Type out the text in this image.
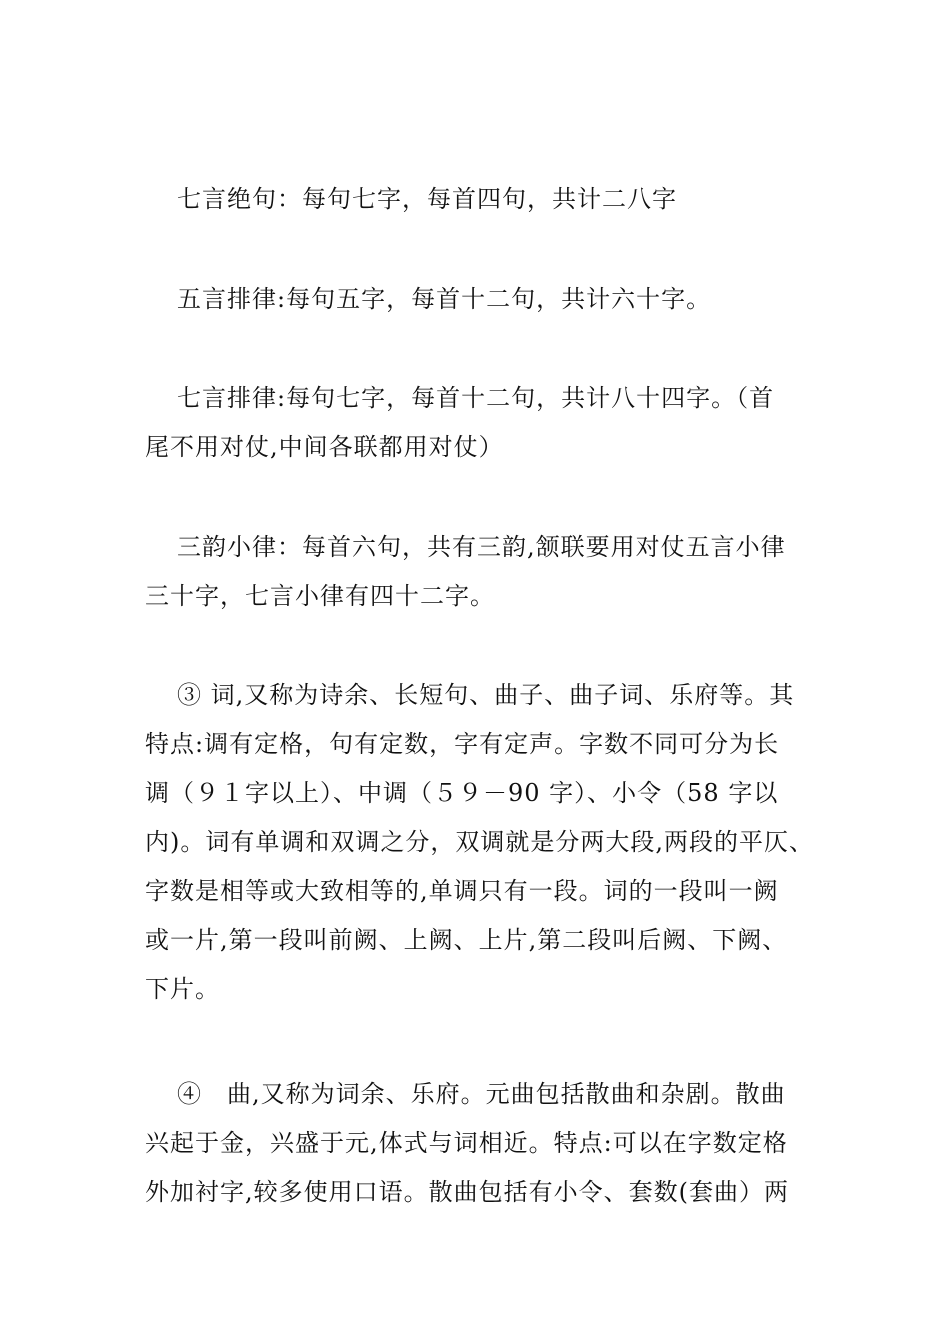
七言绝句：每句七字，每首四句，共计二八字
五言排律:每句五字，每首十二句，共计六十字。
七言排律:每句七字，每首十二句，共计八十四字。（首
尾不用对仗,中间各联都用对仗）
三韵小律：每首六句，共有三韵,颔联要用对仗五言小律
三十字，七言小律有四十二字。
③ 词,又称为诗余、长短句、曲子、曲子词、乐府等。其
特点:调有定格，句有定数，字有定声。字数不同可分为长
调（９１字以上）、中调（５９－90 字）、小令（58 字以
内)。词有单调和双调之分，双调就是分两大段,两段的平仄、
字数是相等或大致相等的,单调只有一段。词的一段叫一阙
或一片,第一段叫前阙、上阙、上片,第二段叫后阙、下阙、
下片。
④　曲,又称为词余、乐府。元曲包括散曲和杂剧。散曲
兴起于金，兴盛于元,体式与词相近。特点:可以在字数定格
外加衬字,较多使用口语。散曲包括有小令、套数(套曲）两
